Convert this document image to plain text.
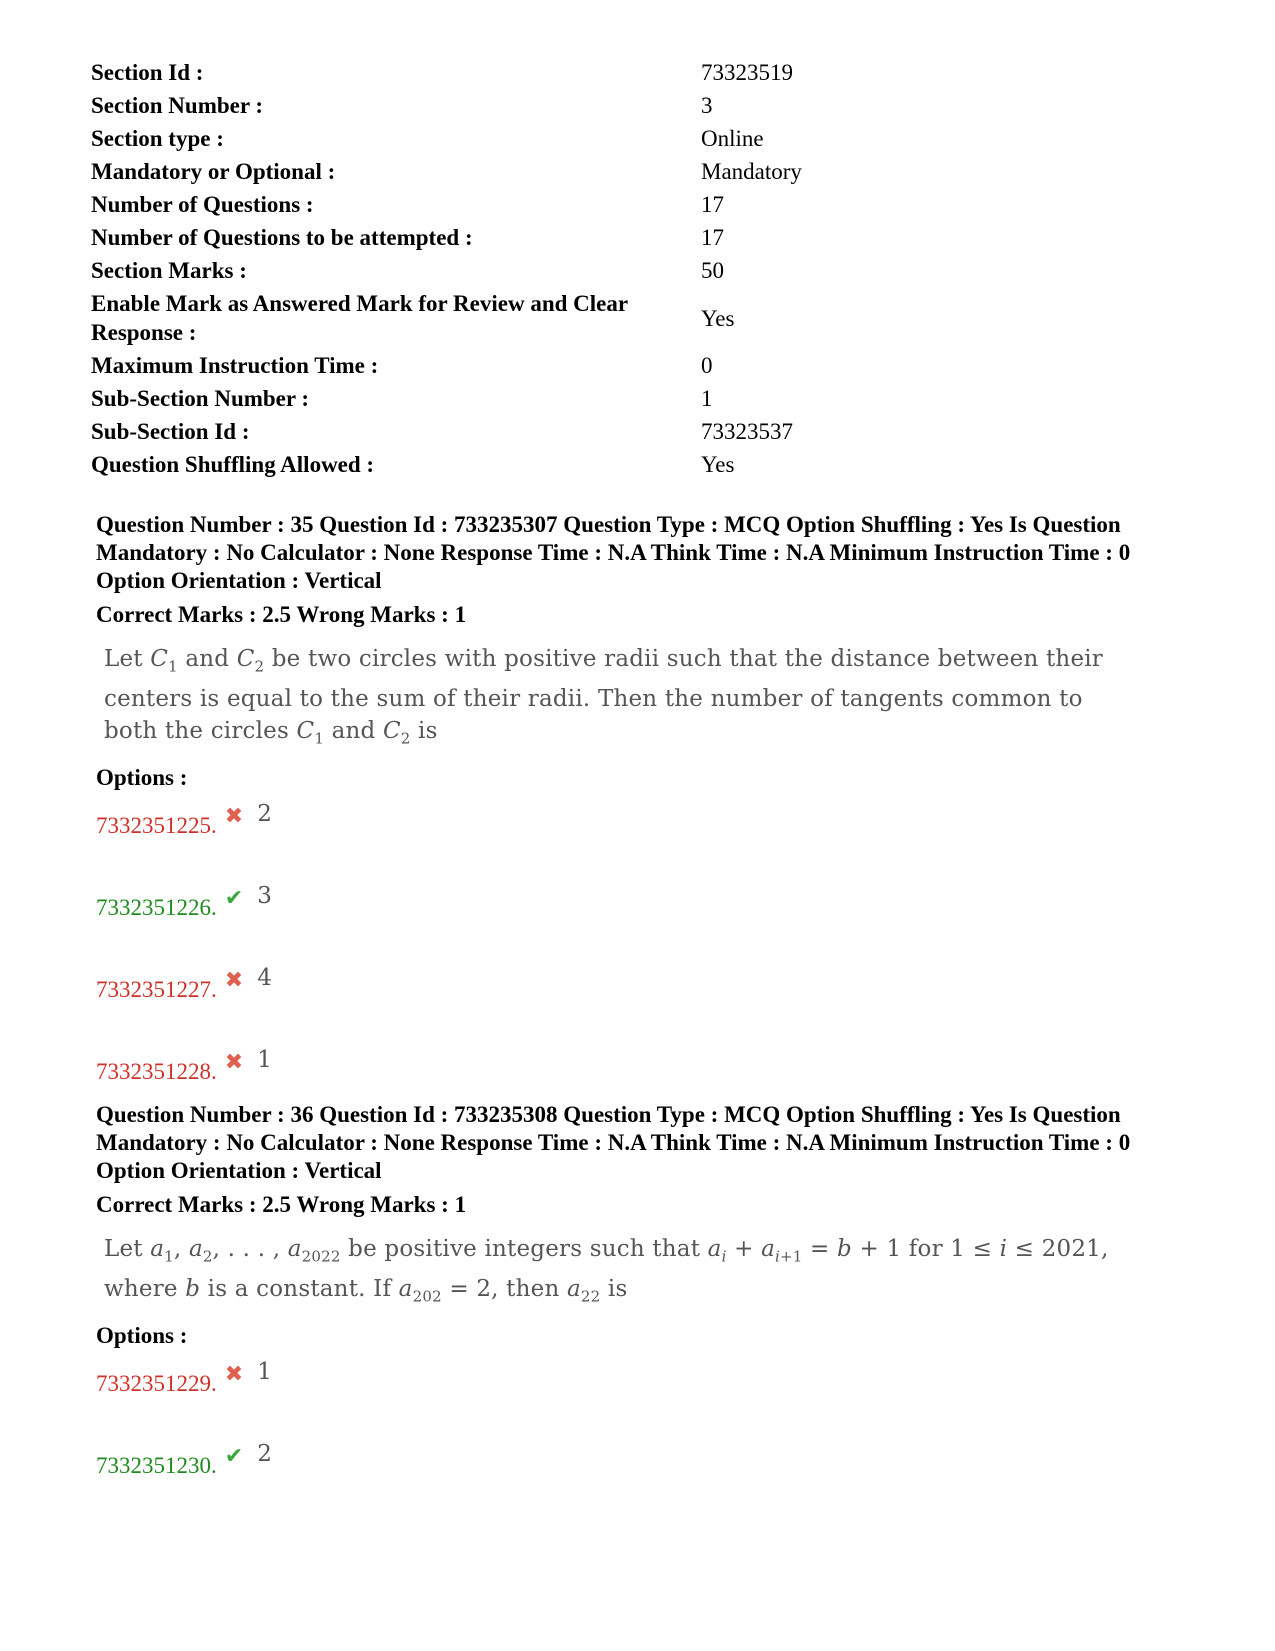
Section Id :	73323519
Section Number :	3
Section type :	Online
Mandatory or Optional :	Mandatory
Number of Questions :	17
Number of Questions to be attempted :	17
Section Marks :	50
Enable Mark as Answered Mark for Review and Clear Response :
Yes
Maximum Instruction Time :	0
Sub-Section Number :	1
Sub-Section Id :	73323537
Question Shuffling Allowed :	Yes

Question Number : 35 Question Id : 733235307 Question Type : MCQ Option Shuffling : Yes Is Question Mandatory : No Calculator : None Response Time : N.A Think Time : N.A Minimum Instruction Time : 0 Option Orientation : Vertical

Correct Marks : 2.5 Wrong Marks : 1
Let $C_1$ and $C_2$ be two circles with positive radii such that the distance between their centers is equal to the sum of their radii. Then the number of tangents common to both the circles $C_1$ and $C_2$ is
Options :
7332351225. ✖ 2
7332351226. ✔ 3
7332351227. ✖ 4
7332351228. ✖ 1

Question Number : 36 Question Id : 733235308 Question Type : MCQ Option Shuffling : Yes Is Question Mandatory : No Calculator : None Response Time : N.A Think Time : N.A Minimum Instruction Time : 0 Option Orientation : Vertical

Correct Marks : 2.5 Wrong Marks : 1
Let $a_1$, $a_2$, . . . , $a_{2022}$ be positive integers such that $a_i + a_{i+1} = b + 1$ for 1 ≤ i ≤ 2021, where b is a constant. If $a_{202} = 2$, then $a_{22}$ is
Options :
7332351229. ✖ 1
7332351230. ✔ 2
